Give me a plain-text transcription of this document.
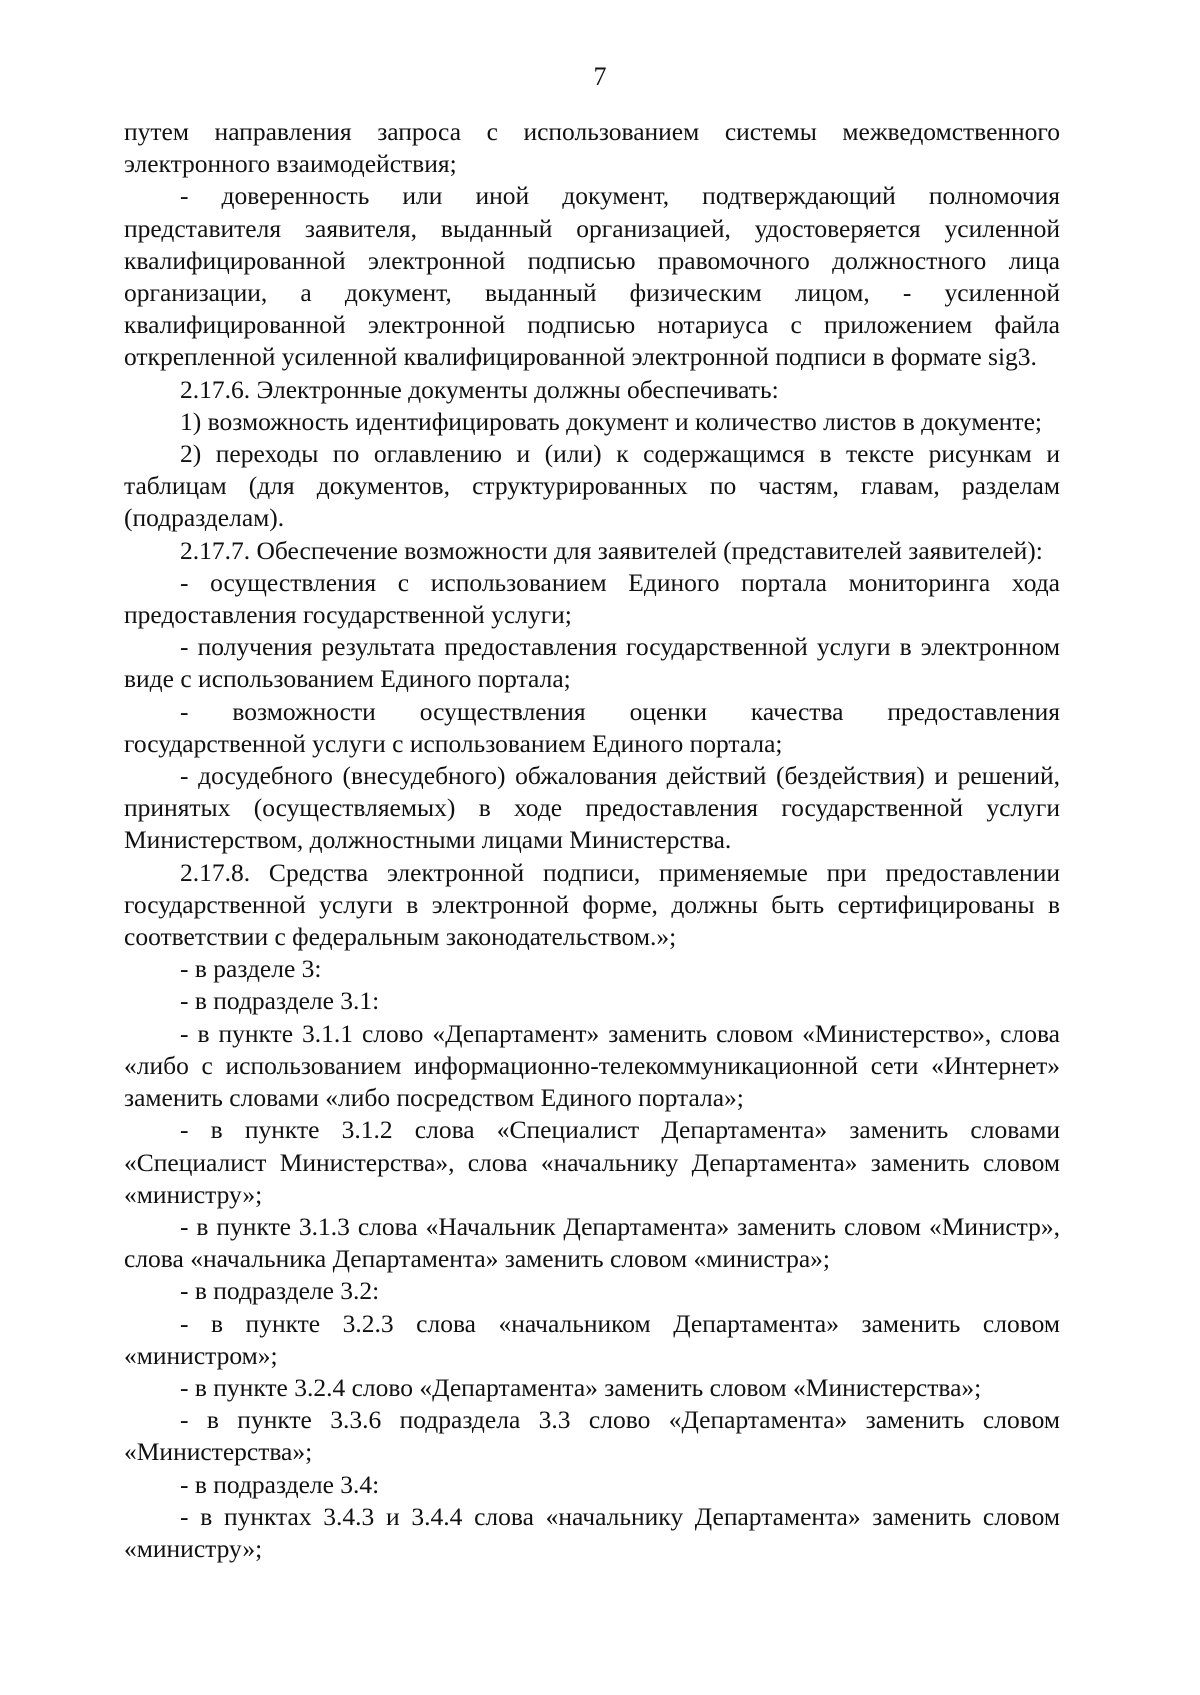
7

путем направления запроса с использованием системы межведомственного электронного взаимодействия;

- доверенность или иной документ, подтверждающий полномочия представителя заявителя, выданный организацией, удостоверяется усиленной квалифицированной электронной подписью правомочного должностного лица организации, а документ, выданный физическим лицом, - усиленной квалифицированной электронной подписью нотариуса с приложением файла открепленной усиленной квалифицированной электронной подписи в формате sig3.

2.17.6. Электронные документы должны обеспечивать:

1) возможность идентифицировать документ и количество листов в документе;

2) переходы по оглавлению и (или) к содержащимся в тексте рисункам и таблицам (для документов, структурированных по частям, главам, разделам (подразделам).

2.17.7. Обеспечение возможности для заявителей (представителей заявителей):

- осуществления с использованием Единого портала мониторинга хода предоставления государственной услуги;

- получения результата предоставления государственной услуги в электронном виде с использованием Единого портала;

- возможности осуществления оценки качества предоставления государственной услуги с использованием Единого портала;

- досудебного (внесудебного) обжалования действий (бездействия) и решений, принятых (осуществляемых) в ходе предоставления государственной услуги Министерством, должностными лицами Министерства.

2.17.8. Средства электронной подписи, применяемые при предоставлении государственной услуги в электронной форме, должны быть сертифицированы в соответствии с федеральным законодательством.»;

- в разделе 3:

- в подразделе 3.1:

- в пункте 3.1.1 слово «Департамент» заменить словом «Министерство», слова «либо с использованием информационно-телекоммуникационной сети «Интернет» заменить словами «либо посредством Единого портала»;

- в пункте 3.1.2 слова «Специалист Департамента» заменить словами «Специалист Министерства», слова «начальнику Департамента» заменить словом «министру»;

- в пункте 3.1.3 слова «Начальник Департамента» заменить словом «Министр», слова «начальника Департамента» заменить словом «министра»;

- в подразделе 3.2:

- в пункте 3.2.3 слова «начальником Департамента» заменить словом «министром»;

- в пункте 3.2.4 слово «Департамента» заменить словом «Министерства»;

- в пункте 3.3.6 подраздела 3.3 слово «Департамента» заменить словом «Министерства»;

- в подразделе 3.4:

- в пунктах 3.4.3 и 3.4.4 слова «начальнику Департамента» заменить словом «министру»;
